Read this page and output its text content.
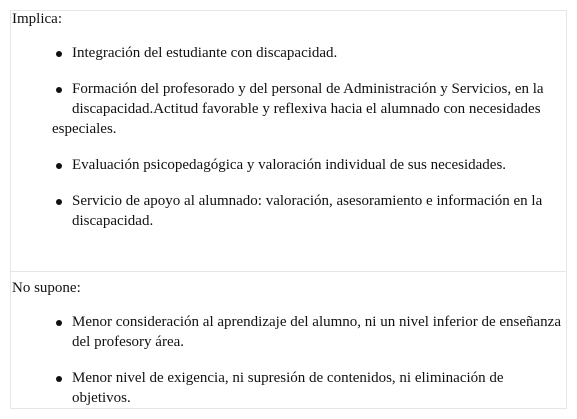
Implica:
Integración del estudiante con discapacidad.
Formación del profesorado y del personal de Administración y Servicios, en la discapacidad.Actitud favorable y reflexiva hacia el alumnado con necesidades
especiales.
Evaluación psicopedagógica y valoración individual de sus necesidades.
Servicio de apoyo al alumnado: valoración, asesoramiento e información en la discapacidad.

No supone:
Menor consideración al aprendizaje del alumno, ni un nivel inferior de enseñanza del profesory área.
Menor nivel de exigencia, ni supresión de contenidos, ni eliminación de objetivos.
